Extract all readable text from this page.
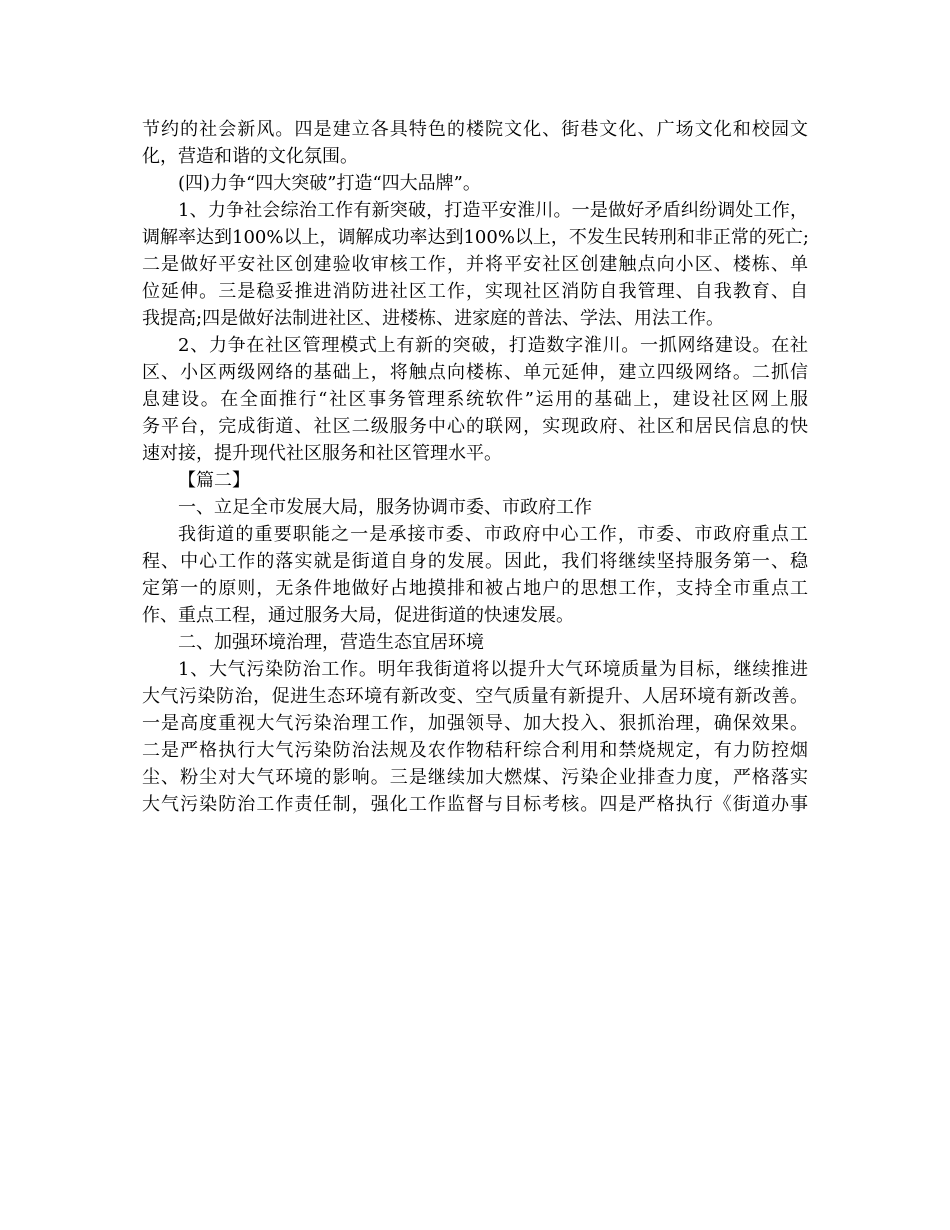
节约的社会新风。四是建立各具特色的楼院文化、街巷文化、广场文化和校园文
化，营造和谐的文化氛围。
(四)力争“四大突破”打造“四大品牌”。
1、力争社会综治工作有新突破，打造平安淮川。一是做好矛盾纠纷调处工作，
调解率达到100%以上，调解成功率达到100%以上，不发生民转刑和非正常的死亡;
二是做好平安社区创建验收审核工作，并将平安社区创建触点向小区、楼栋、单
位延伸。三是稳妥推进消防进社区工作，实现社区消防自我管理、自我教育、自
我提高;四是做好法制进社区、进楼栋、进家庭的普法、学法、用法工作。
2、力争在社区管理模式上有新的突破，打造数字淮川。一抓网络建设。在社
区、小区两级网络的基础上，将触点向楼栋、单元延伸，建立四级网络。二抓信
息建设。在全面推行“社区事务管理系统软件”运用的基础上，建设社区网上服
务平台，完成街道、社区二级服务中心的联网，实现政府、社区和居民信息的快
速对接，提升现代社区服务和社区管理水平。
【篇二】
一、立足全市发展大局，服务协调市委、市政府工作
我街道的重要职能之一是承接市委、市政府中心工作，市委、市政府重点工
程、中心工作的落实就是街道自身的发展。因此，我们将继续坚持服务第一、稳
定第一的原则，无条件地做好占地摸排和被占地户的思想工作，支持全市重点工
作、重点工程，通过服务大局，促进街道的快速发展。
二、加强环境治理，营造生态宜居环境
1、大气污染防治工作。明年我街道将以提升大气环境质量为目标，继续推进
大气污染防治，促进生态环境有新改变、空气质量有新提升、人居环境有新改善。
一是高度重视大气污染治理工作，加强领导、加大投入、狠抓治理，确保效果。
二是严格执行大气污染防治法规及农作物秸秆综合利用和禁烧规定，有力防控烟
尘、粉尘对大气环境的影响。三是继续加大燃煤、污染企业排查力度，严格落实
大气污染防治工作责任制，强化工作监督与目标考核。四是严格执行《街道办事
